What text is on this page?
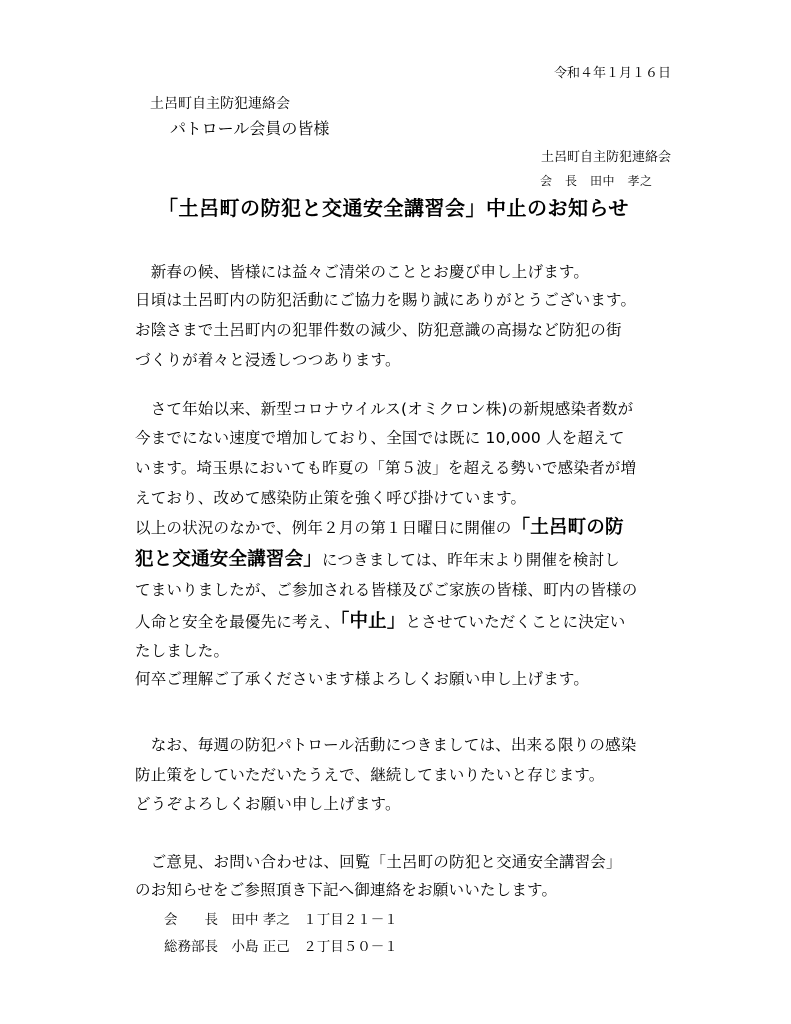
令和４年１月１６日
土呂町自主防犯連絡会
パトロール会員の皆様
土呂町自主防犯連絡会
会　長　田中　孝之
「土呂町の防犯と交通安全講習会」中止のお知らせ
　新春の候、皆様には益々ご清栄のこととお慶び申し上げます。
日頃は土呂町内の防犯活動にご協力を賜り誠にありがとうございます。
お陰さまで土呂町内の犯罪件数の減少、防犯意識の高揚など防犯の街
づくりが着々と浸透しつつあります。
　さて年始以来、新型コロナウイルス(オミクロン株)の新規感染者数が
今までにない速度で増加しており、全国では既に 10,000 人を超えて
います。埼玉県においても昨夏の「第５波」を超える勢いで感染者が増
えており、改めて感染防止策を強く呼び掛けています。
以上の状況のなかで、例年２月の第１日曜日に開催の「土呂町の防
犯と交通安全講習会」につきましては、昨年末より開催を検討し
てまいりましたが、ご参加される皆様及びご家族の皆様、町内の皆様の
人命と安全を最優先に考え、「中止」とさせていただくことに決定い
たしました。
何卒ご理解ご了承くださいます様よろしくお願い申し上げます。
　なお、毎週の防犯パトロール活動につきましては、出来る限りの感染
防止策をしていただいたうえで、継続してまいりたいと存じます。
どうぞよろしくお願い申し上げます。
　ご意見、お問い合わせは、回覧「土呂町の防犯と交通安全講習会」
のお知らせをご参照頂き下記へ御連絡をお願いいたします。
会　　長　田中 孝之　１丁目２１－１
総務部長　小島 正己　２丁目５０－１
